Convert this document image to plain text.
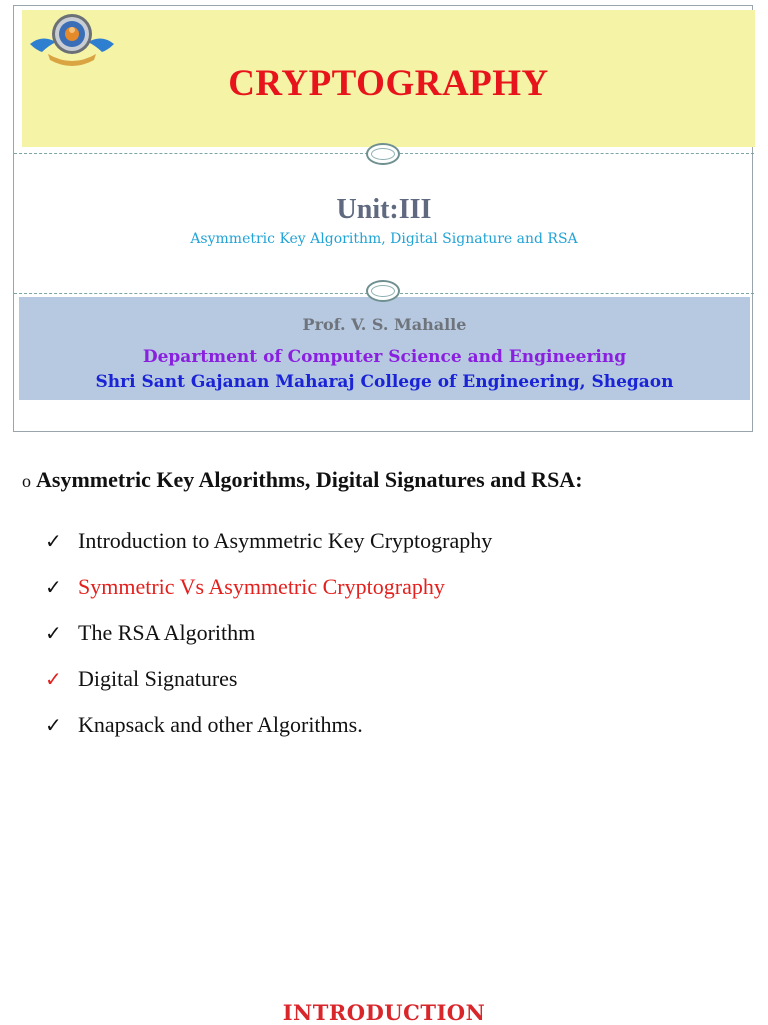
CRYPTOGRAPHY
Unit:III
Asymmetric Key Algorithm, Digital Signature and RSA
Prof. V. S. Mahalle
Department of Computer Science and Engineering
Shri Sant Gajanan Maharaj College of Engineering, Shegaon
o Asymmetric Key Algorithms, Digital Signatures and RSA:
✓ Introduction to Asymmetric Key Cryptography
✓ Symmetric Vs Asymmetric Cryptography
✓ The RSA Algorithm
✓ Digital Signatures
✓ Knapsack and other Algorithms.
INTRODUCTION
